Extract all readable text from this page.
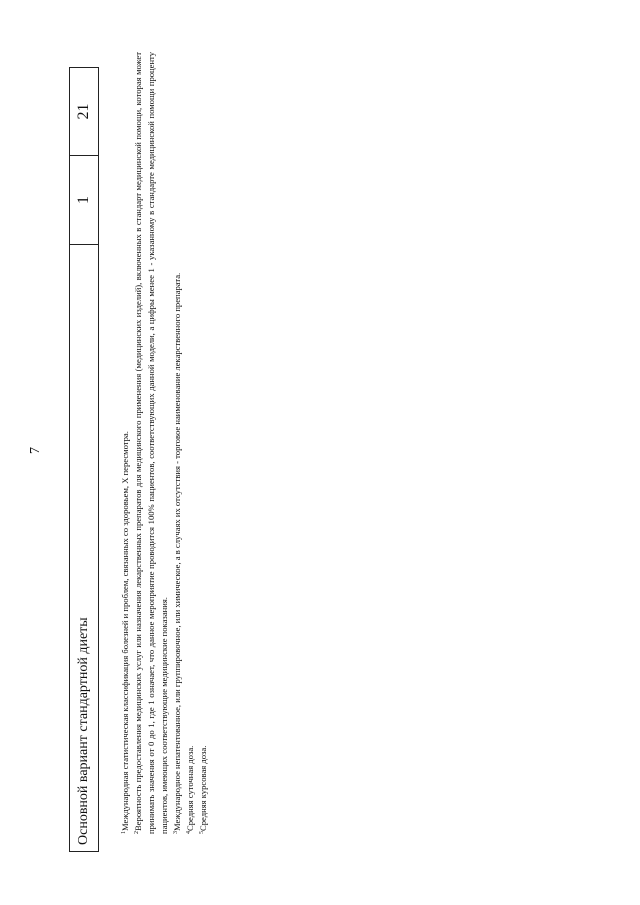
7
Основной вариант стандартной диеты	1	21

$^1$Международная статистическая классификация болезней и проблем, связанных со здоровьем, X пересмотра.

$^2$Вероятность предоставления медицинских услуг или назначения лекарственных препаратов для медицинского применения (медицинских изделий), включенных в стандарт медицинской помощи, которая может принимать значения от 0 до 1, где 1 означает, что данное мероприятие проводится 100% пациентов, соответствующих данной модели, а цифры менее 1 - указанному в стандарте медицинской помощи проценту пациентов, имеющих соответствующие медицинские показания. $^3$Международное непатентованное, или группировочное, или химическое, а в случаях их отсутствия - торговое наименование лекарственного препарата.

$^4$Средняя суточная доза.

$^5$Средняя курсовая доза.
